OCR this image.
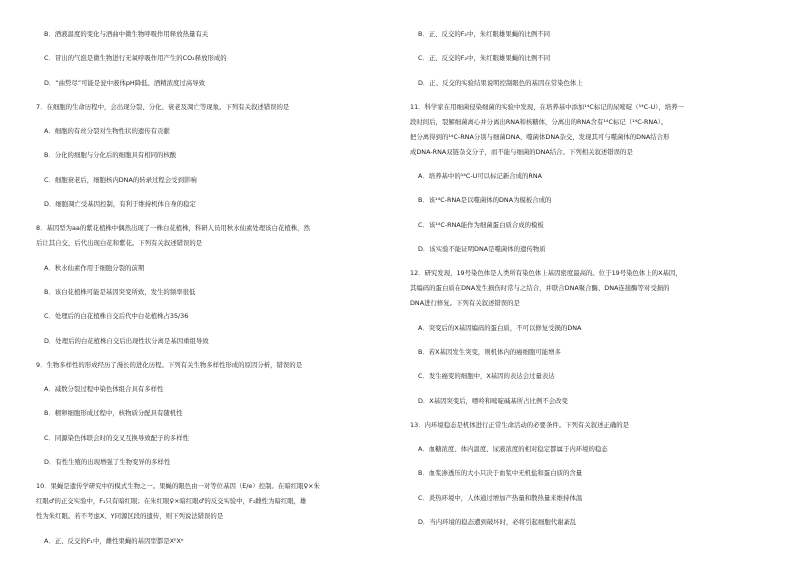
B．酒液温度的变化与酒曲中微生物呼吸作用释放热量有关
C．冒出的气泡是微生物进行无氧呼吸作用产生的CO₂释放形成的
D．“曲势尽”可能是瓮中液体pH降低、酒精浓度过高导致
7．在细胞的生命历程中，会出现分裂、分化、衰老及凋亡等现象。下列有关叙述错误的是
A．细胞的有丝分裂对生物性状的遗传有贡献
B．分化的细胞与分化后的细胞具有相同的核酸
C．细胞衰老后，细胞核内DNA的转录过程会受到影响
D．细胞凋亡受基因控制，有利于维持机体自身的稳定
8．基因型为aa的紫花植株中偶然出现了一株白花植株，科研人员用秋水仙素处理该白花植株，然
后让其自交，后代出现白花和紫花。下列有关叙述错误的是
A．秋水仙素作用于细胞分裂的前期
B．该白花植株可能是基因突变所致，发生的频率很低
C．处理后的白花植株自交后代中白花植株占35/36
D．处理后的白花植株自交后出现性状分离是基因重组导致
9．生物多样性的形成经历了漫长的进化历程。下列有关生物多样性形成的原因分析，错误的是
A．减数分裂过程中染色体组合具有多样性
B．精卵细胞形成过程中，核物质分配具有随机性
C．同源染色体联会时的交叉互换导致配子的多样性
D．有性生殖的出现增强了生物变异的多样性
10．果蝇是遗传学研究中的模式生物之一。果蝇的眼色由一对等位基因（E/e）控制。在暗红眼♀×朱
红眼♂的正交实验中，F₁只有暗红眼；在朱红眼♀×暗红眼♂的反交实验中，F₁雌性为暗红眼，雄
性为朱红眼。若不考虑X、Y同源区段的遗传，则下列说法错误的是
A．正、反交的F₁中，雌性果蝇的基因型都是XᴱXᵉ
B．正、反交的F₂中，朱红眼雄果蝇的比例不同
C．正、反交的F₂中，朱红眼雄果蝇的比例不同
D．正、反交的实验结果说明控制眼色的基因在常染色体上
11．科学家在用细菌侵染细菌的实验中发现，在培养基中添加¹⁴C标记的尿嘧啶（¹⁴C-U），培养一
段时间后，裂解细菌离心并分离出RNA和核糖体，分离出的RNA含有¹⁴C标记（¹⁴C-RNA）。
把分离得到的¹⁴C-RNA分别与细菌DNA、噬菌体DNA杂交，发现其可与噬菌体的DNA结合形
成DNA-RNA双链杂交分子，而不能与细菌的DNA结合。下列相关叙述错误的是
A．培养基中的¹⁴C-U可以标记新合成的RNA
B．该¹⁴C-RNA是以噬菌体的DNA为模板合成的
C．该¹⁴C-RNA能作为细菌蛋白质合成的模板
D．该实验不能证明DNA是噬菌体的遗传物质
12．研究发现，19号染色体是人类所有染色体上基因密度最高的。位于19号染色体上的X基因，
其编码的蛋白质在DNA发生损伤时常与之结合，并联合DNA聚合酶、DNA连接酶等对受损的
DNA进行修复。下列有关叙述错误的是
A．突变后的X基因编码的蛋白质，不可以修复受损的DNA
B．若X基因发生突变，则机体内的癌细胞可能增多
C．发生癌变的细胞中，X基因的表达会过量表达
D．X基因突变后，嘌呤和嘧啶碱基所占比例不会改变
13．内环境稳态是机体进行正常生命活动的必要条件。下列有关叙述正确的是
A．血糖浓度、体内温度、尿液浓度的相对稳定都属于内环境的稳态
B．血浆渗透压的大小只决于血浆中无机盐和蛋白质的含量
C．炎热环境中，人体通过增加产热量和散热量来维持体温
D．当内环境的稳态遭到破坏时，必将引起细胞代谢紊乱
